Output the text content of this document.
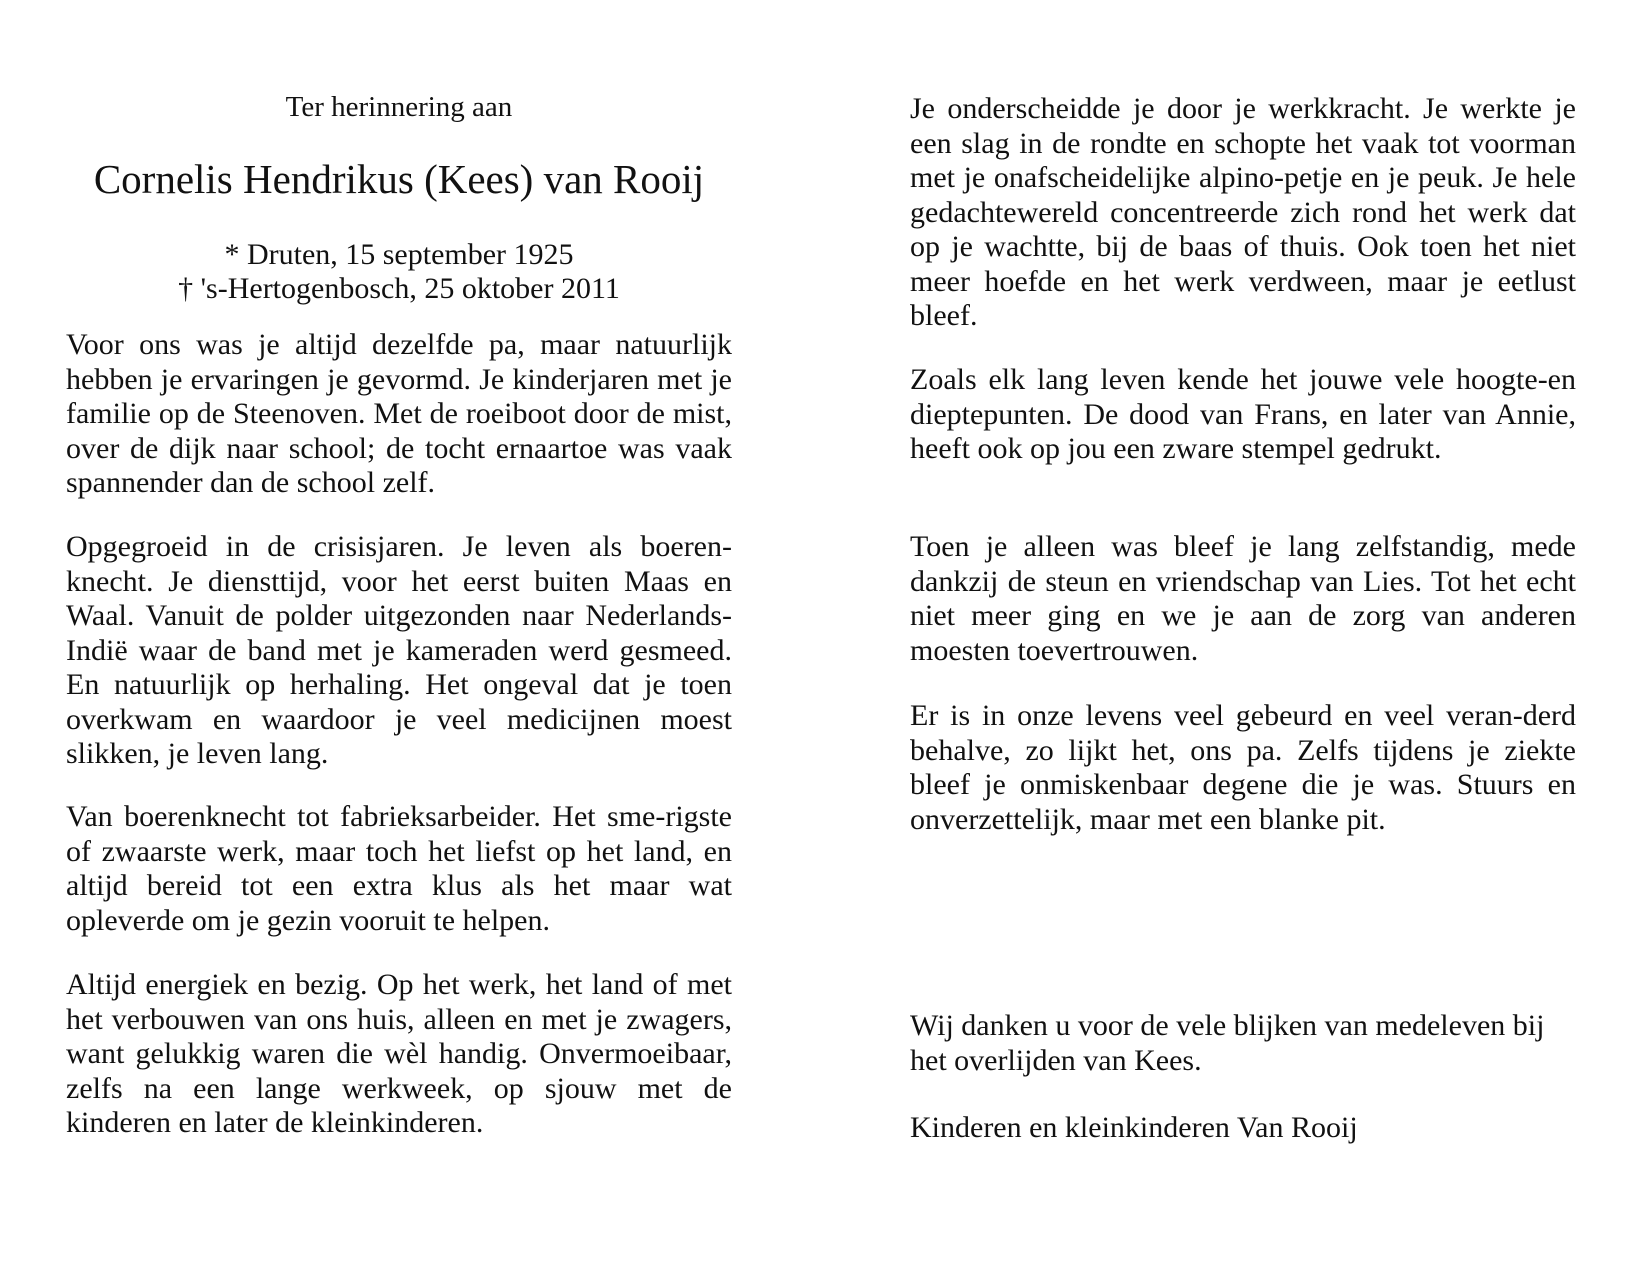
Ter herinnering aan

Cornelis Hendrikus (Kees) van Rooij

* Druten, 15 september 1925

† 's-Hertogenbosch, 25 oktober 2011

Voor ons was je altijd dezelfde pa, maar natuurlijk hebben je ervaringen je gevormd. Je kinderjaren met je familie op de Steenoven. Met de roeiboot door de mist, over de dijk naar school; de tocht ernaartoe was vaak spannender dan de school zelf.

Opgegroeid in de crisisjaren. Je leven als boeren-knecht. Je diensttijd, voor het eerst buiten Maas en Waal. Vanuit de polder uitgezonden naar Nederlands-Indië waar de band met je kameraden werd gesmeed. En natuurlijk op herhaling. Het ongeval dat je toen overkwam en waardoor je veel medicijnen moest slikken, je leven lang.

Van boerenknecht tot fabrieksarbeider. Het sme-rigste of zwaarste werk, maar toch het liefst op het land, en altijd bereid tot een extra klus als het maar wat opleverde om je gezin vooruit te helpen.

Altijd energiek en bezig. Op het werk, het land of met het verbouwen van ons huis, alleen en met je zwagers, want gelukkig waren die wèl handig. Onvermoeibaar, zelfs na een lange werkweek, op sjouw met de kinderen en later de kleinkinderen.

Je onderscheidde je door je werkkracht. Je werkte je een slag in de rondte en schopte het vaak tot voorman met je onafscheidelijke alpino-petje en je peuk. Je hele gedachtewereld concentreerde zich rond het werk dat op je wachtte, bij de baas of thuis. Ook toen het niet meer hoefde en het werk verdween, maar je eetlust bleef.

Zoals elk lang leven kende het jouwe vele hoogte-en dieptepunten. De dood van Frans, en later van Annie, heeft ook op jou een zware stempel gedrukt.

Toen je alleen was bleef je lang zelfstandig, mede dankzij de steun en vriendschap van Lies. Tot het echt niet meer ging en we je aan de zorg van anderen moesten toevertrouwen.

Er is in onze levens veel gebeurd en veel veran-derd behalve, zo lijkt het, ons pa. Zelfs tijdens je ziekte bleef je onmiskenbaar degene die je was. Stuurs en onverzettelijk, maar met een blanke pit.

Wij danken u voor de vele blijken van medeleven bij het overlijden van Kees.

Kinderen en kleinkinderen Van Rooij
